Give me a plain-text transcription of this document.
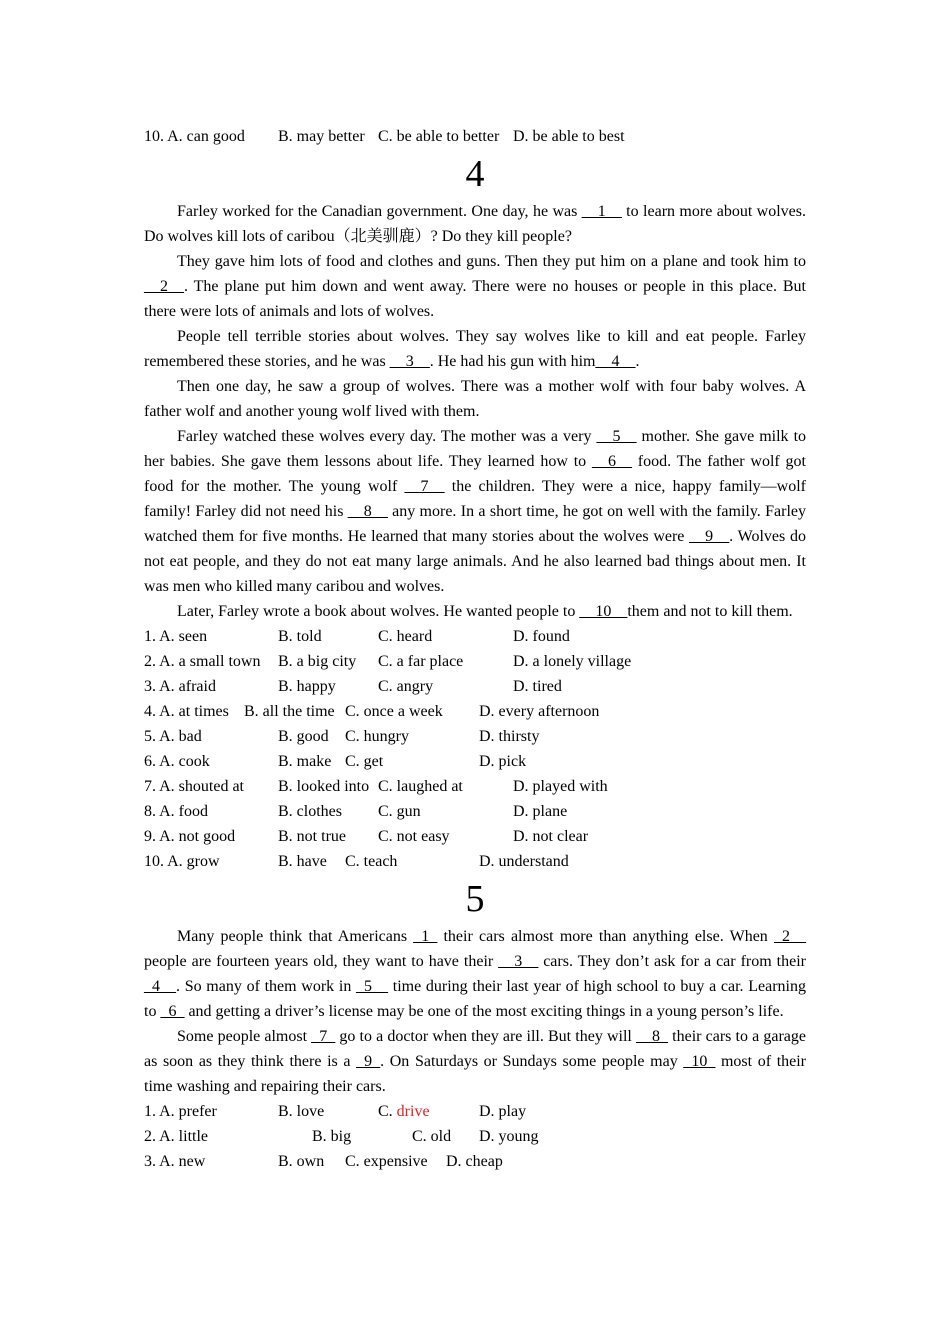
10. A. can good B. may better C. be able to better D. be able to best
4

Farley worked for the Canadian government. One day, he was __1__ to learn more about wolves. Do wolves kill lots of caribou（北美驯鹿）? Do they kill people?

They gave him lots of food and clothes and guns. Then they put him on a plane and took him to __2__. The plane put him down and went away. There were no houses or people in this place. But there were lots of animals and lots of wolves.

People tell terrible stories about wolves. They say wolves like to kill and eat people. Farley remembered these stories, and he was __3__. He had his gun with him__4__.

Then one day, he saw a group of wolves. There was a mother wolf with four baby wolves. A father wolf and another young wolf lived with them.

Farley watched these wolves every day. The mother was a very __5__ mother. She gave milk to her babies. She gave them lessons about life. They learned how to __6__ food. The father wolf got food for the mother. The young wolf __7__ the children. They were a nice, happy family—wolf family! Farley did not need his __8__ any more. In a short time, he got on well with the family. Farley watched them for five months. He learned that many stories about the wolves were __9__. Wolves do not eat people, and they do not eat many large animals. And he also learned bad things about men. It was men who killed many caribou and wolves.

Later, Farley wrote a book about wolves. He wanted people to __10__them and not to kill them.

1. A. seen	B. told	C. heard	D. found
2. A. a small town B. a big city C. a far place	D. a lonely village
3. A. afraid	B. happy	C. angry	D. tired
4. A. at times B. all the time C. once a week D. every afternoon
5. A. bad	B. good C. hungry	D. thirsty
6. A. cook	B. make C. get	D. pick
7. A. shouted at B. looked into C. laughed at	D. played with
8. A. food	B. clothes C. gun	D. plane
9. A. not good	B. not true C. not easy	D. not clear
10. A. grow	B. have C. teach	D. understand
5

Many people think that Americans _1_ their cars almost more than anything else. When _2__ people are fourteen years old, they want to have their __3__ cars. They don’t ask for a car from their _4__. So many of them work in _5__ time during their last year of high school to buy a car. Learning to _6_ and getting a driver’s license may be one of the most exciting things in a young person’s life.

Some people almost _7_ go to a doctor when they are ill. But they will __8_ their cars to a garage as soon as they think there is a _9_. On Saturdays or Sundays some people may _10_ most of their time washing and repairing their cars.

1. A. prefer	B. love	C. drive	D. play
2. A. little	B. big	C. old D. young
3. A. new	B. own C. expensive D. cheap
